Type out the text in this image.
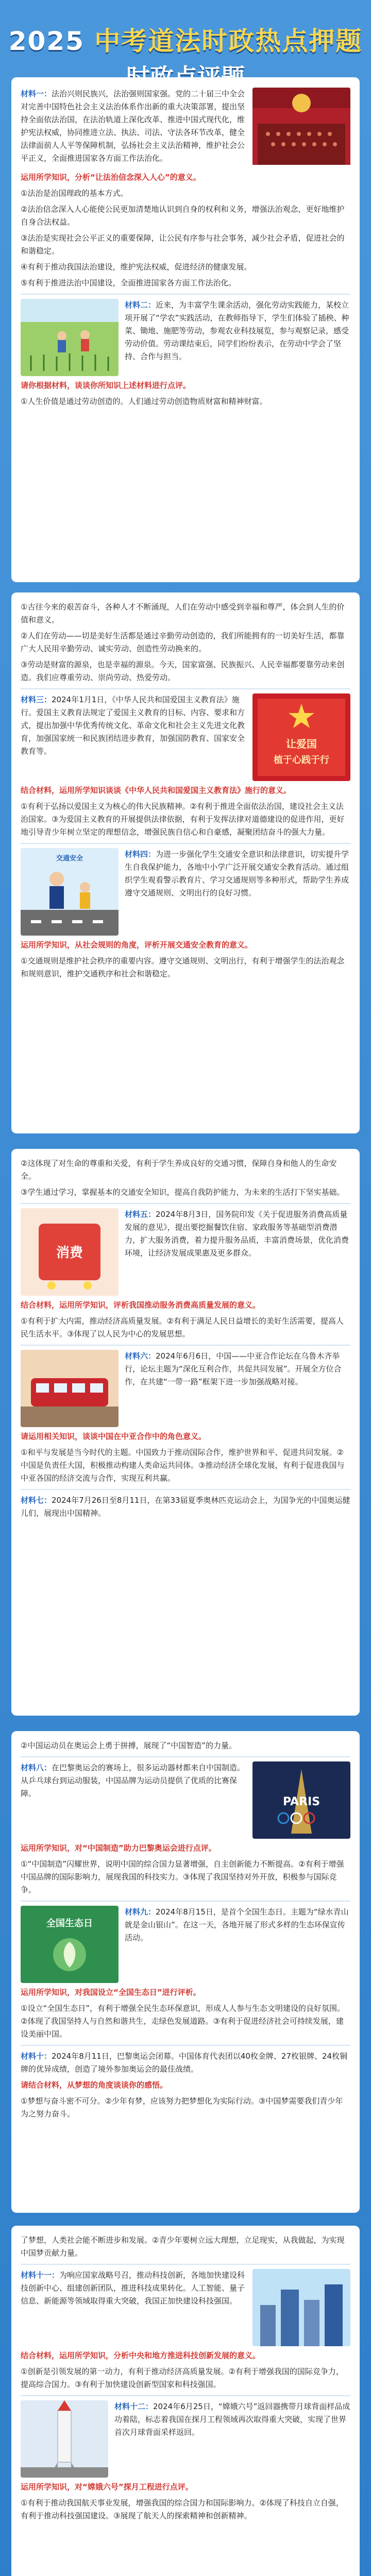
2025 中考道法时政热点押题

材料一：法治兴则民族兴，法治强则国家强。党的二十届三中全会对完善中国特色社会主义法治体系作出新的重大决策部署，提出坚持全面依法治国，在法治轨道上深化改革、推进中国式现代化，维护宪法权威，协同推进立法、执法、司法、守法各环节改革，健全法律面前人人平等保障机制，弘扬社会主义法治精神，维护社会公平正义，全面推进国家各方面工作法治化。

运用所学知识，分析“让法治信念深入人心”的意义。

①法治是治国理政的基本方式。

②法治信念深入人心能使公民更加清楚地认识到自身的权利和义务，增强法治观念，更好地维护自身合法权益。

③法治是实现社会公平正义的重要保障，让公民有序参与社会事务，减少社会矛盾，促进社会的和谐稳定。

④有利于推动我国法治建设，维护宪法权威，促进经济的健康发展。

⑤有利于推进法治中国建设，全面推进国家各方面工作法治化。

材料二：近来，为丰富学生课余活动，强化劳动实践能力，某校立项开展了“学农”实践活动，在教师指导下，学生们体验了插秧、种菜、锄地、施肥等劳动，参观农业科技展览，参与观察记录，感受劳动价值。劳动课结束后，同学们纷纷表示，在劳动中学会了坚持、合作与担当。

请你根据材料，谈谈你所知识上述材料进行点评。

①人生价值是通过劳动创造的。人们通过劳动创造物质财富和精神财富。

①古往今来的艰苦奋斗，各种人才不断涌现，人们在劳动中感受到幸福和尊严，体会到人生的价值和意义。

②人们在劳动——切是美好生活都是通过辛勤劳动创造的，我们所能拥有的一切美好生活，都靠广大人民用辛勤劳动、诚实劳动、创造性劳动换来的。

③劳动是财富的源泉，也是幸福的源泉。今天，国家富强、民族振兴、人民幸福都要靠劳动来创造。我们应尊重劳动、崇尚劳动、热爱劳动。

材料三：2024年1月1日，《中华人民共和国爱国主义教育法》施行。爱国主义教育法规定了爱国主义教育的目标、内容、要求和方式，提出加强中华优秀传统文化、革命文化和社会主义先进文化教育，加强国家统一和民族团结进步教育，加强国防教育、国家安全教育等。

让爱国
植于心践于行

结合材料，运用所学知识谈谈《中华人民共和国爱国主义教育法》施行的意义。

①有利于弘扬以爱国主义为核心的伟大民族精神。②有利于推进全面依法治国，建设社会主义法治国家。③为爱国主义教育的开展提供法律依据，有利于发挥法律对道德建设的促进作用，更好地引导青少年树立坚定的理想信念，增强民族自信心和自豪感，凝聚团结奋斗的强大力量。

交通安全	材料四：为进一步强化学生交通安全意识和法律意识，切实提升学生自我保护能力，各地中小学广泛开展交通安全教育活动。通过组织学生观看警示教育片、学习交通规则等多种形式，帮助学生养成遵守交通规则、文明出行的良好习惯。

运用所学知识，从社会规则的角度，评析开展交通安全教育的意义。

①交通规则是维护社会秩序的重要内容。遵守交通规则、文明出行，有利于增强学生的法治观念和规则意识，维护交通秩序和社会和谐稳定。

②这体现了对生命的尊重和关爱，有利于学生养成良好的交通习惯，保障自身和他人的生命安全。

③学生通过学习，掌握基本的交通安全知识，提高自我防护能力，为未来的生活打下坚实基础。

消费

材料五：2024年8月3日，国务院印发《关于促进服务消费高质量发展的意见》，提出要挖掘餐饮住宿、家政服务等基础型消费潜力，扩大服务消费，着力提升服务品质，丰富消费场景，优化消费环境，让经济发展成果惠及更多群众。

结合材料，运用所学知识，评析我国推动服务消费高质量发展的意义。

①有利于扩大内需，推动经济高质量发展。②有利于满足人民日益增长的美好生活需要，提高人民生活水平。③体现了以人民为中心的发展思想。

材料六：2024年6月6日，中国——中亚合作论坛在乌鲁木齐举行，论坛主题为“深化互利合作，共促共同发展”。开展全方位合作，在共建“一带一路”框架下进一步加强战略对接。

请运用相关知识，谈谈中国在中亚合作中的角色意义。

①和平与发展是当今时代的主题。中国致力于推动国际合作，维护世界和平、促进共同发展。②中国是负责任大国，积极推动构建人类命运共同体。③推动经济全球化发展，有利于促进我国与中亚各国的经济交流与合作，实现互利共赢。

材料七：2024年7月26日至8月11日，在第33届夏季奥林匹克运动会上，为国争光的中国奥运健儿们，展现出中国精神。

②中国运动员在奥运会上勇于拼搏，展现了“中国智造”的力量。

材料八：在巴黎奥运会的赛场上，很多运动器材都来自中国制造。从乒乓球台到运动服装，中国品牌为运动员提供了优质的比赛保障。

PARIS

运用所学知识，对“中国制造”助力巴黎奥运会进行点评。

①“中国制造”闪耀世界，说明中国的综合国力显著增强，自主创新能力不断提高。②有利于增强中国品牌的国际影响力，展现我国的科技实力。③体现了我国坚持对外开放，积极参与国际竞争。

全国生态日

材料九：2024年8月15日，是首个全国生态日。主题为“绿水青山就是金山银山”。在这一天，各地开展了形式多样的生态环保宣传活动。

运用所学知识，对我国设立“全国生态日”进行评析。

①设立“全国生态日”，有利于增强全民生态环保意识，形成人人参与生态文明建设的良好氛围。②体现了我国坚持人与自然和谐共生，走绿色发展道路。③有利于促进经济社会可持续发展，建设美丽中国。

材料十：2024年8月11日，巴黎奥运会闭幕。中国体育代表团以40枚金牌、27枚银牌、24枚铜牌的优异成绩，创造了境外参加奥运会的最佳战绩。

请结合材料，从梦想的角度谈谈你的感悟。

①梦想与奋斗密不可分。②少年有梦，应该努力把梦想化为实际行动。③中国梦需要我们青少年为之努力奋斗。

了梦想，人类社会能不断进步和发展。②青少年要树立远大理想，立足现实，从我做起，为实现中国梦贡献力量。

材料十一：为响应国家战略号召，推动科技创新，各地加快建设科技创新中心、组建创新团队，推进科技成果转化。人工智能、量子信息、新能源等领域取得重大突破，我国正加快建设科技强国。

结合材料，运用所学知识，分析中央和地方推进科技创新发展的意义。

①创新是引领发展的第一动力，有利于推动经济高质量发展。②有利于增强我国的国际竞争力，提高综合国力。③有利于加快建设创新型国家和科技强国。

材料十二：2024年6月25日，“嫦娥六号”返回器携带月球背面样品成功着陆，标志着我国在探月工程领域再次取得重大突破，实现了世界首次月球背面采样返回。

运用所学知识，对“嫦娥六号”探月工程进行点评。

①有利于推动我国航天事业发展，增强我国的综合国力和国际影响力。②体现了科技自立自强，有利于推动科技强国建设。③展现了航天人的探索精神和创新精神。
